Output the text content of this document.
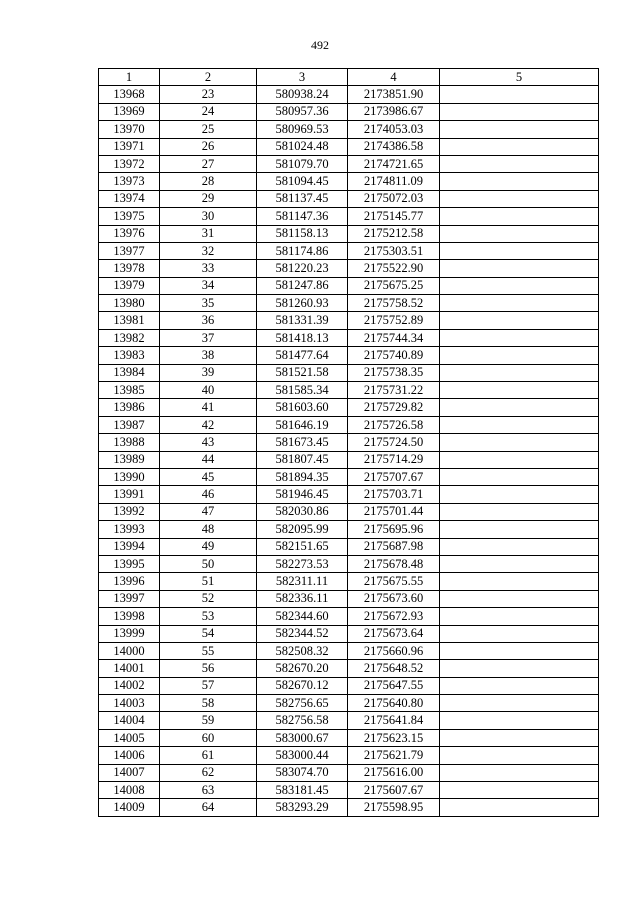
492
1	2	3	4	5
13968	23	580938.24	2173851.90	
13969	24	580957.36	2173986.67	
13970	25	580969.53	2174053.03	
13971	26	581024.48	2174386.58	
13972	27	581079.70	2174721.65	
13973	28	581094.45	2174811.09	
13974	29	581137.45	2175072.03	
13975	30	581147.36	2175145.77	
13976	31	581158.13	2175212.58	
13977	32	581174.86	2175303.51	
13978	33	581220.23	2175522.90	
13979	34	581247.86	2175675.25	
13980	35	581260.93	2175758.52	
13981	36	581331.39	2175752.89	
13982	37	581418.13	2175744.34	
13983	38	581477.64	2175740.89	
13984	39	581521.58	2175738.35	
13985	40	581585.34	2175731.22	
13986	41	581603.60	2175729.82	
13987	42	581646.19	2175726.58	
13988	43	581673.45	2175724.50	
13989	44	581807.45	2175714.29	
13990	45	581894.35	2175707.67	
13991	46	581946.45	2175703.71	
13992	47	582030.86	2175701.44	
13993	48	582095.99	2175695.96	
13994	49	582151.65	2175687.98	
13995	50	582273.53	2175678.48	
13996	51	582311.11	2175675.55	
13997	52	582336.11	2175673.60	
13998	53	582344.60	2175672.93	
13999	54	582344.52	2175673.64	
14000	55	582508.32	2175660.96	
14001	56	582670.20	2175648.52	
14002	57	582670.12	2175647.55	
14003	58	582756.65	2175640.80	
14004	59	582756.58	2175641.84	
14005	60	583000.67	2175623.15	
14006	61	583000.44	2175621.79	
14007	62	583074.70	2175616.00	
14008	63	583181.45	2175607.67	
14009	64	583293.29	2175598.95	
